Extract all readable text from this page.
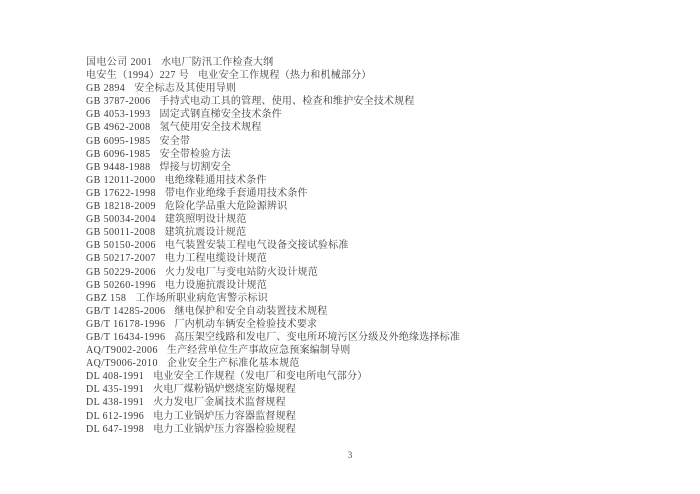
国电公司 2001 水电厂防汛工作检查大纲
电安生（1994）227 号 电业安全工作规程（热力和机械部分）
GB 2894 安全标志及其使用导则
GB 3787-2006 手持式电动工具的管理、使用、检查和维护安全技术规程
GB 4053-1993 固定式钢直梯安全技术条件
GB 4962-2008 氢气使用安全技术规程
GB 6095-1985 安全带
GB 6096-1985 安全带检验方法
GB 9448-1988 焊接与切割安全
GB 12011-2000 电绝缘鞋通用技术条件
GB 17622-1998 带电作业绝缘手套通用技术条件
GB 18218-2009 危险化学品重大危险源辨识
GB 50034-2004 建筑照明设计规范
GB 50011-2008 建筑抗震设计规范
GB 50150-2006 电气装置安装工程电气设备交接试验标准
GB 50217-2007 电力工程电缆设计规范
GB 50229-2006 火力发电厂与变电站防火设计规范
GB 50260-1996 电力设施抗震设计规范
GBZ 158 工作场所职业病危害警示标识
GB/T 14285-2006 继电保护和安全自动装置技术规程
GB/T 16178-1996 厂内机动车辆安全检验技术要求
GB/T 16434-1996 高压架空线路和发电厂、变电所环境污区分级及外绝缘选择标准
AQ/T9002-2006 生产经营单位生产事故应急预案编制导则
AQ/T9006-2010 企业安全生产标准化基本规范
DL 408-1991 电业安全工作规程（发电厂和变电所电气部分）
DL 435-1991 火电厂煤粉锅炉燃烧室防爆规程
DL 438-1991 火力发电厂金属技术监督规程
DL 612-1996 电力工业锅炉压力容器监督规程
DL 647-1998 电力工业锅炉压力容器检验规程
3
